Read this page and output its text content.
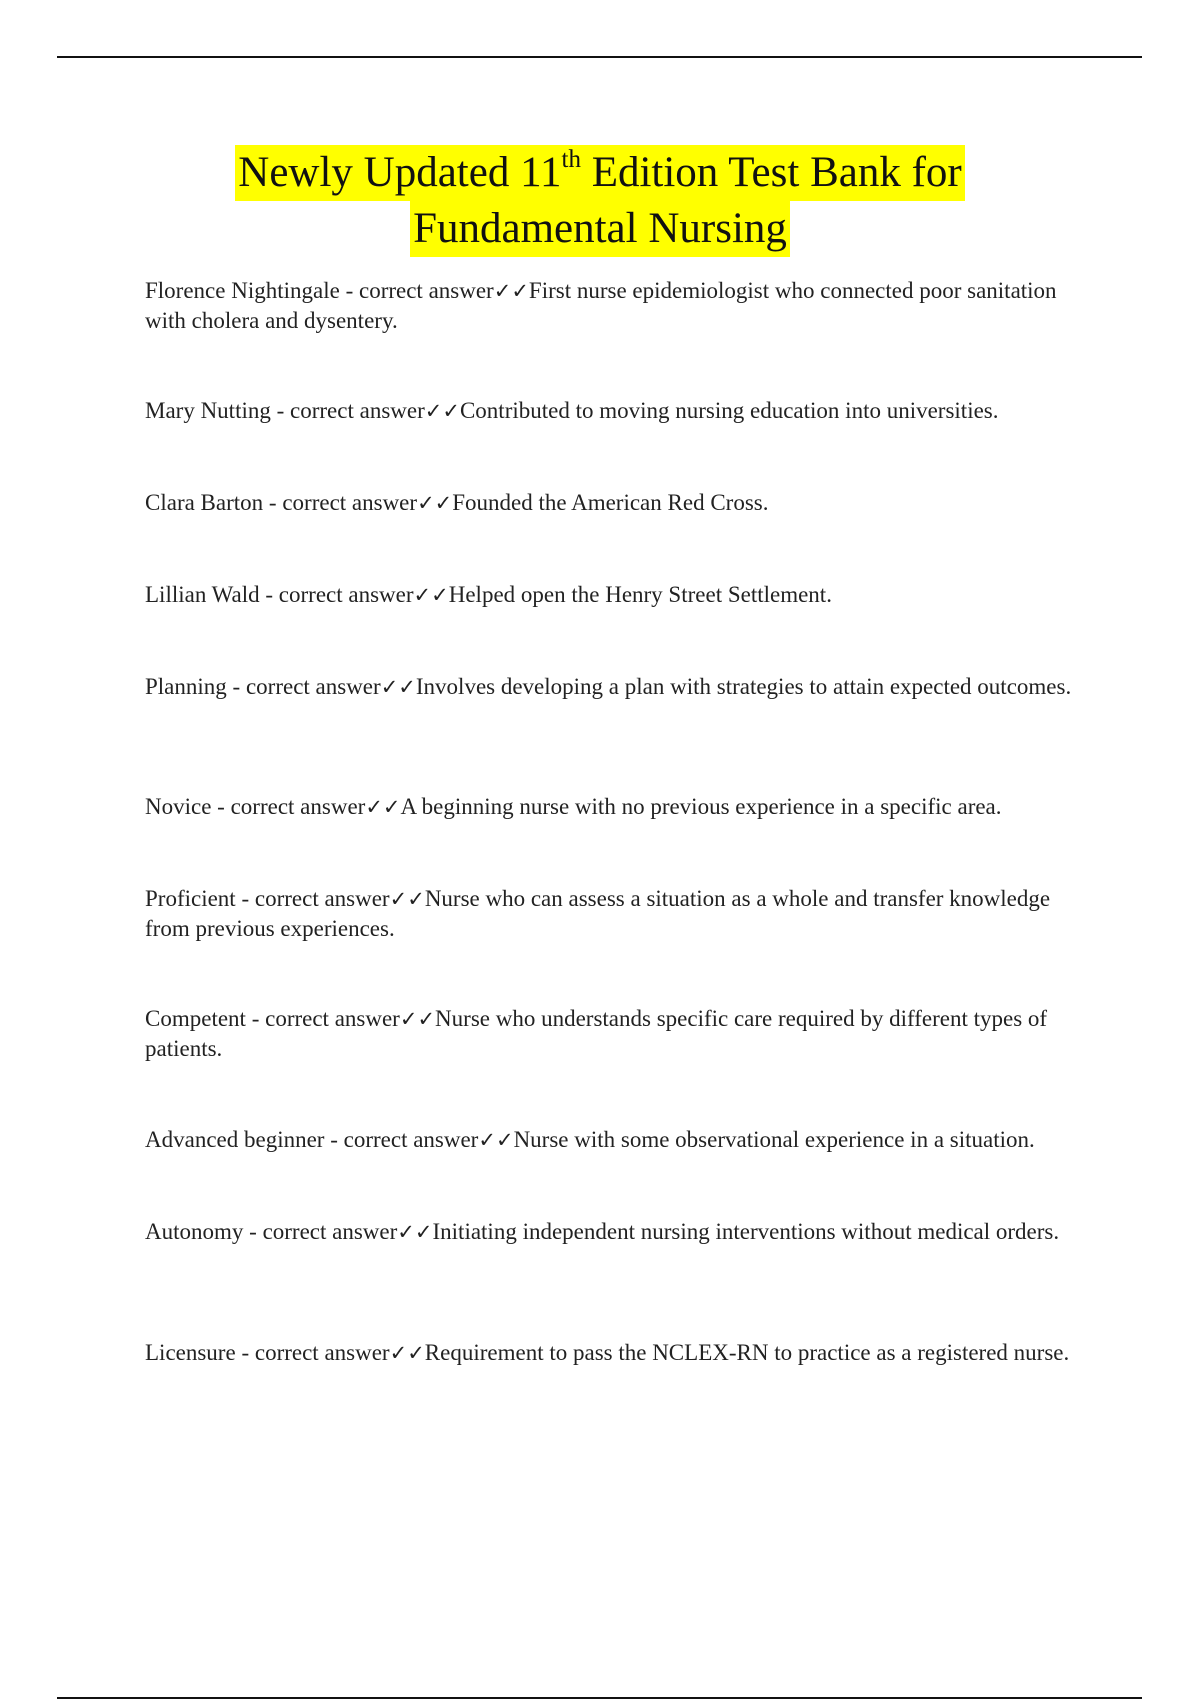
Newly Updated 11th Edition Test Bank for
Fundamental Nursing
Florence Nightingale - correct answer✓✓First nurse epidemiologist who connected poor sanitation with cholera and dysentery.
Mary Nutting - correct answer✓✓Contributed to moving nursing education into universities.
Clara Barton - correct answer✓✓Founded the American Red Cross.
Lillian Wald - correct answer✓✓Helped open the Henry Street Settlement.
Planning - correct answer✓✓Involves developing a plan with strategies to attain expected outcomes.
Novice - correct answer✓✓A beginning nurse with no previous experience in a specific area.
Proficient - correct answer✓✓Nurse who can assess a situation as a whole and transfer knowledge from previous experiences.
Competent - correct answer✓✓Nurse who understands specific care required by different types of patients.
Advanced beginner - correct answer✓✓Nurse with some observational experience in a situation.
Autonomy - correct answer✓✓Initiating independent nursing interventions without medical orders.
Licensure - correct answer✓✓Requirement to pass the NCLEX-RN to practice as a registered nurse.
